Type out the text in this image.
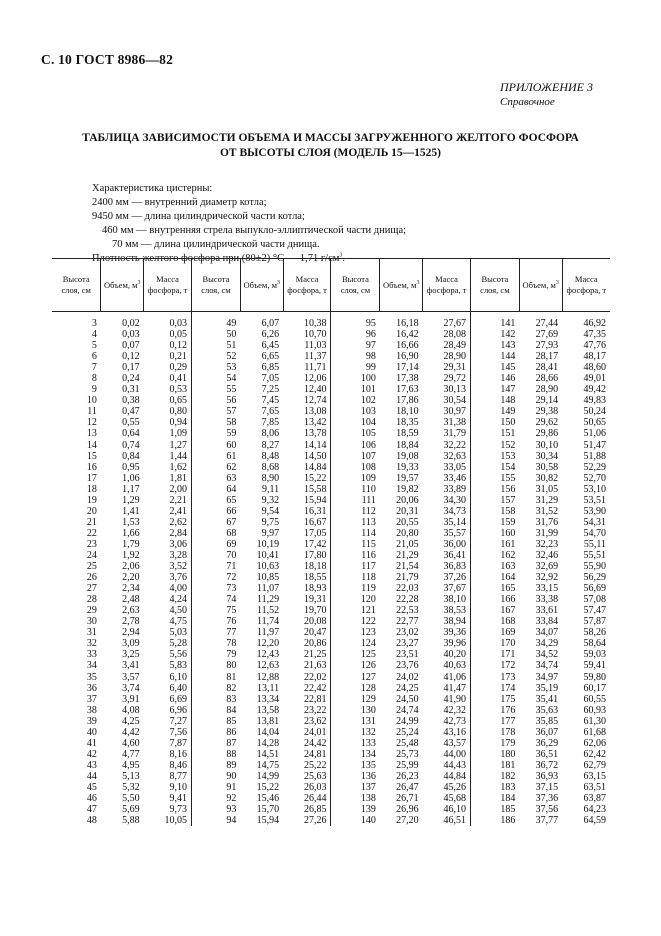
С. 10 ГОСТ 8986—82
ПРИЛОЖЕНИЕ 3
Справочное
ТАБЛИЦА ЗАВИСИМОСТИ ОБЪЕМА И МАССЫ ЗАГРУЖЕННОГО ЖЕЛТОГО ФОСФОРА
ОТ ВЫСОТЫ СЛОЯ (МОДЕЛЬ 15—1525)
Характеристика цистерны:
2400 мм — внутренний диаметр котла;
9450 мм — длина цилиндрической части котла;
460 мм — внутренняя стрела выпукло-эллиптической части днища;
70 мм — длина цилиндрической части днища.
Плотность желтого фосфора при (80±2) °С — 1,71 $г/см^3$.
Высота слоя, см	Объем, $м^3$	Масса фосфора, т	Высота слоя, см	Объем, $м^3$	Масса фосфора, т	Высота слоя, см	Объем, $м^3$	Масса фосфора, т	Высота слоя, см	Объем, $м^3$	Масса фосфора, т
3	0,02	0,03	49	6,07	10,38	95	16,18	27,67	141	27,44	46,92
4	0,03	0,05	50	6,26	10,70	96	16,42	28,08	142	27,69	47,35
5	0,07	0,12	51	6,45	11,03	97	16,66	28,49	143	27,93	47,76
6	0,12	0,21	52	6,65	11,37	98	16,90	28,90	144	28,17	48,17
7	0,17	0,29	53	6,85	11,71	99	17,14	29,31	145	28,41	48,60
8	0,24	0,41	54	7,05	12,06	100	17,38	29,72	146	28,66	49,01
9	0,31	0,53	55	7,25	12,40	101	17,63	30,13	147	28,90	49,42
10	0,38	0,65	56	7,45	12,74	102	17,86	30,54	148	29,14	49,83
11	0,47	0,80	57	7,65	13,08	103	18,10	30,97	149	29,38	50,24
12	0,55	0,94	58	7,85	13,42	104	18,35	31,38	150	29,62	50,65
13	0,64	1,09	59	8,06	13,78	105	18,59	31,79	151	29,86	51,06
14	0,74	1,27	60	8,27	14,14	106	18,84	32,22	152	30,10	51,47
15	0,84	1,44	61	8,48	14,50	107	19,08	32,63	153	30,34	51,88
16	0,95	1,62	62	8,68	14,84	108	19,33	33,05	154	30,58	52,29
17	1,06	1,81	63	8,90	15,22	109	19,57	33,46	155	30,82	52,70
18	1,17	2,00	64	9,11	15,58	110	19,82	33,89	156	31,05	53,10
19	1,29	2,21	65	9,32	15,94	111	20,06	34,30	157	31,29	53,51
20	1,41	2,41	66	9,54	16,31	112	20,31	34,73	158	31,52	53,90
21	1,53	2,62	67	9,75	16,67	113	20,55	35,14	159	31,76	54,31
22	1,66	2,84	68	9,97	17,05	114	20,80	35,57	160	31,99	54,70
23	1,79	3,06	69	10,19	17,42	115	21,05	36,00	161	32,23	55,11
24	1,92	3,28	70	10,41	17,80	116	21,29	36,41	162	32,46	55,51
25	2,06	3,52	71	10,63	18,18	117	21,54	36,83	163	32,69	55,90
26	2,20	3,76	72	10,85	18,55	118	21,79	37,26	164	32,92	56,29
27	2,34	4,00	73	11,07	18,93	119	22,03	37,67	165	33,15	56,69
28	2,48	4,24	74	11,29	19,31	120	22,28	38,10	166	33,38	57,08
29	2,63	4,50	75	11,52	19,70	121	22,53	38,53	167	33,61	57,47
30	2,78	4,75	76	11,74	20,08	122	22,77	38,94	168	33,84	57,87
31	2,94	5,03	77	11,97	20,47	123	23,02	39,36	169	34,07	58,26
32	3,09	5,28	78	12,20	20,86	124	23,27	39,96	170	34,29	58,64
33	3,25	5,56	79	12,43	21,25	125	23,51	40,20	171	34,52	59,03
34	3,41	5,83	80	12,63	21,63	126	23,76	40,63	172	34,74	59,41
35	3,57	6,10	81	12,88	22,02	127	24,02	41,06	173	34,97	59,80
36	3,74	6,40	82	13,11	22,42	128	24,25	41,47	174	35,19	60,17
37	3,91	6,69	83	13,34	22,81	129	24,50	41,90	175	35,41	60,55
38	4,08	6,96	84	13,58	23,22	130	24,74	42,32	176	35,63	60,93
39	4,25	7,27	85	13,81	23,62	131	24,99	42,73	177	35,85	61,30
40	4,42	7,56	86	14,04	24,01	132	25,24	43,16	178	36,07	61,68
41	4,60	7,87	87	14,28	24,42	133	25,48	43,57	179	36,29	62,06
42	4,77	8,16	88	14,51	24,81	134	25,73	44,00	180	36,51	62,42
43	4,95	8,46	89	14,75	25,22	135	25,99	44,43	181	36,72	62,79
44	5,13	8,77	90	14,99	25,63	136	26,23	44,84	182	36,93	63,15
45	5,32	9,10	91	15,22	26,03	137	26,47	45,26	183	37,15	63,51
46	5,50	9,41	92	15,46	26,44	138	26,71	45,68	184	37,36	63,87
47	5,69	9,73	93	15,70	26,85	139	26,96	46,10	185	37,56	64,23
48	5,88	10,05	94	15,94	27,26	140	27,20	46,51	186	37,77	64,59
